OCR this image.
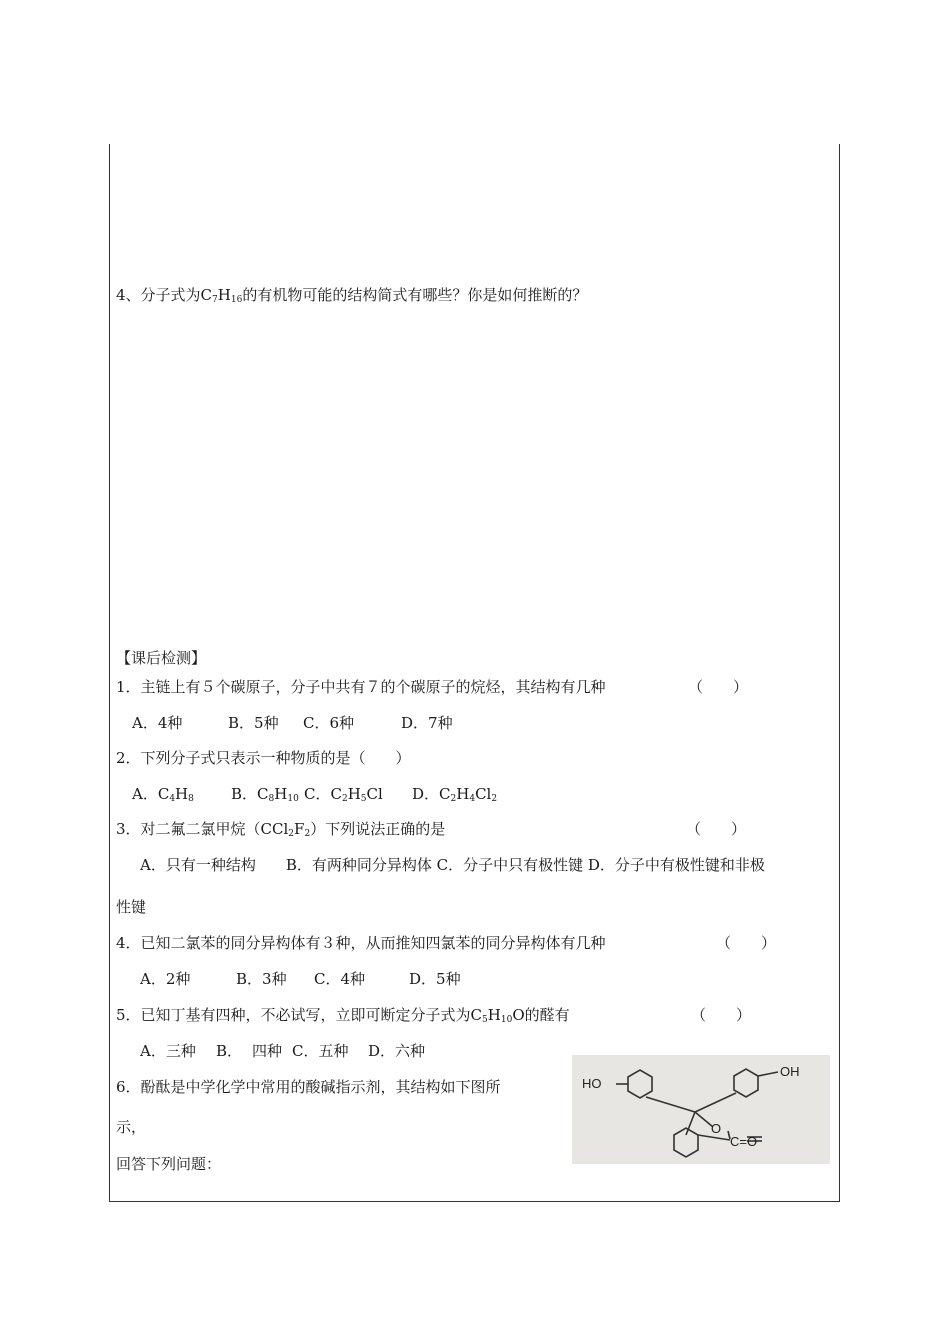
4、分子式为$C_7H_{16}$的有机物可能的结构简式有哪些？你是如何推断的？
【课后检测】
1．主链上有５个碳原子，分子中共有７的个碳原子的烷烃，其结构有几种	（　　）
A．4种	B．5种 C．6种	D．7种
2．下列分子式只表示一种物质的是（　　）
A．$C_4H_8$ B．$C_8H_{10}$ C．$C_2H_5Cl$ D．$C_2H_4Cl_2$
3．对二氟二氯甲烷$(CCl_2F_2)$下列说法正确的是	（　　）
A．只有一种结构　　B．有两种同分异构体 C．分子中只有极性键 D．分子中有极性键和非极
性键
4．已知二氯苯的同分异构体有３种，从而推知四氯苯的同分异构体有几种	（　　）
A．2种	B．3种 C．4种	D．5种
5．已知丁基有四种，不必试写，立即可断定分子式为$C_5H_{10}O$的醛有	（　　）
A．三种 B． 四种 C．五种 D．六种
6．酚酞是中学化学中常用的酸碱指示剂，其结构如下图所
示，
回答下列问题：
HO
OH
O
C=O
